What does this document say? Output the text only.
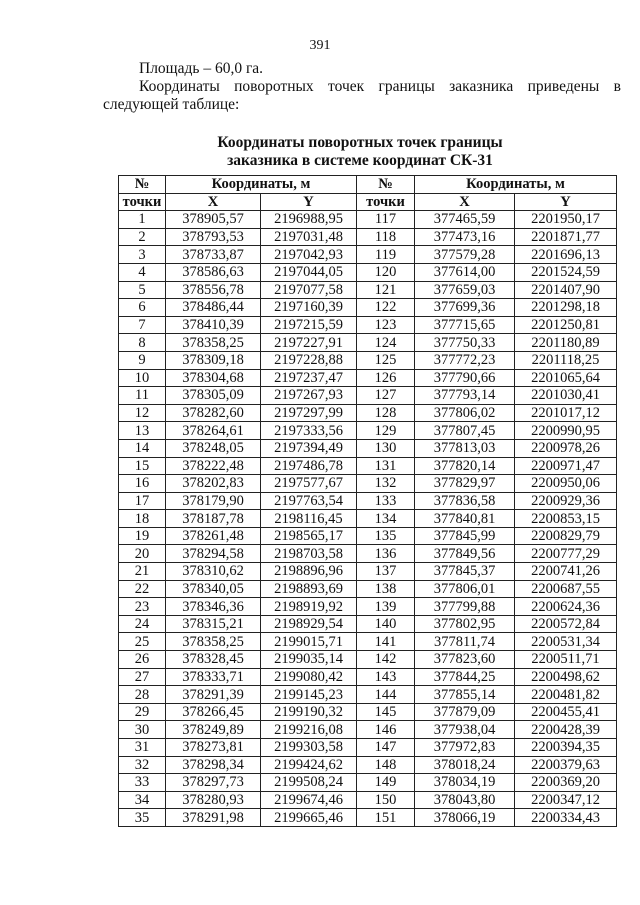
391

Площадь – 60,0 га.

Координаты поворотных точек границы заказника приведены в следующей таблице:

Координаты поворотных точек границы
заказника в системе координат СК-31
№	Координаты, м		№	Координаты, м	
точки	X	Y	точки	X	Y
1	378905,57	2196988,95	117	377465,59	2201950,17
2	378793,53	2197031,48	118	377473,16	2201871,77
3	378733,87	2197042,93	119	377579,28	2201696,13
4	378586,63	2197044,05	120	377614,00	2201524,59
5	378556,78	2197077,58	121	377659,03	2201407,90
6	378486,44	2197160,39	122	377699,36	2201298,18
7	378410,39	2197215,59	123	377715,65	2201250,81
8	378358,25	2197227,91	124	377750,33	2201180,89
9	378309,18	2197228,88	125	377772,23	2201118,25
10	378304,68	2197237,47	126	377790,66	2201065,64
11	378305,09	2197267,93	127	377793,14	2201030,41
12	378282,60	2197297,99	128	377806,02	2201017,12
13	378264,61	2197333,56	129	377807,45	2200990,95
14	378248,05	2197394,49	130	377813,03	2200978,26
15	378222,48	2197486,78	131	377820,14	2200971,47
16	378202,83	2197577,67	132	377829,97	2200950,06
17	378179,90	2197763,54	133	377836,58	2200929,36
18	378187,78	2198116,45	134	377840,81	2200853,15
19	378261,48	2198565,17	135	377845,99	2200829,79
20	378294,58	2198703,58	136	377849,56	2200777,29
21	378310,62	2198896,96	137	377845,37	2200741,26
22	378340,05	2198893,69	138	377806,01	2200687,55
23	378346,36	2198919,92	139	377799,88	2200624,36
24	378315,21	2198929,54	140	377802,95	2200572,84
25	378358,25	2199015,71	141	377811,74	2200531,34
26	378328,45	2199035,14	142	377823,60	2200511,71
27	378333,71	2199080,42	143	377844,25	2200498,62
28	378291,39	2199145,23	144	377855,14	2200481,82
29	378266,45	2199190,32	145	377879,09	2200455,41
30	378249,89	2199216,08	146	377938,04	2200428,39
31	378273,81	2199303,58	147	377972,83	2200394,35
32	378298,34	2199424,62	148	378018,24	2200379,63
33	378297,73	2199508,24	149	378034,19	2200369,20
34	378280,93	2199674,46	150	378043,80	2200347,12
35	378291,98	2199665,46	151	378066,19	2200334,43
